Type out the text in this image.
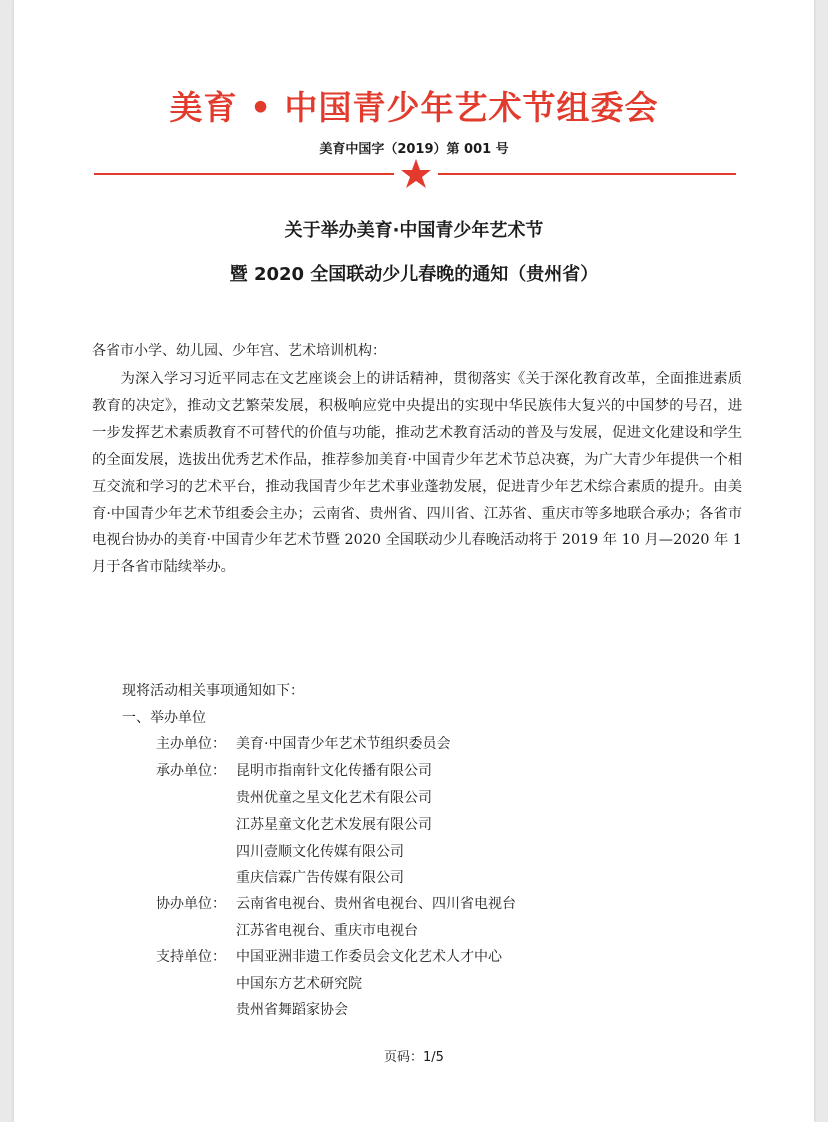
美育 • 中国青少年艺术节组委会
美育中国字（2019）第 001 号
关于举办美育·中国青少年艺术节
暨 2020 全国联动少儿春晚的通知（贵州省）
各省市小学、幼儿园、少年宫、艺术培训机构：
为深入学习习近平同志在文艺座谈会上的讲话精神，贯彻落实《关于深化教育改革，全面推进素质教育的决定》，推动文艺繁荣发展，积极响应党中央提出的实现中华民族伟大复兴的中国梦的号召，进一步发挥艺术素质教育不可替代的价值与功能，推动艺术教育活动的普及与发展，促进文化建设和学生的全面发展，选拔出优秀艺术作品，推荐参加美育·中国青少年艺术节总决赛，为广大青少年提供一个相互交流和学习的艺术平台，推动我国青少年艺术事业蓬勃发展，促进青少年艺术综合素质的提升。由美育·中国青少年艺术节组委会主办；云南省、贵州省、四川省、江苏省、重庆市等多地联合承办；各省市电视台协办的美育·中国青少年艺术节暨 2020 全国联动少儿春晚活动将于 2019 年 10 月—2020 年 1 月于各省市陆续举办。
现将活动相关事项通知如下：
一、举办单位
主办单位： 美育·中国青少年艺术节组织委员会
承办单位： 昆明市指南针文化传播有限公司
贵州优童之星文化艺术有限公司
江苏星童文化艺术发展有限公司
四川壹顺文化传媒有限公司
重庆信霖广告传媒有限公司
协办单位： 云南省电视台、贵州省电视台、四川省电视台
江苏省电视台、重庆市电视台
支持单位： 中国亚洲非遗工作委员会文化艺术人才中心
中国东方艺术研究院
贵州省舞蹈家协会
页码：1/5
